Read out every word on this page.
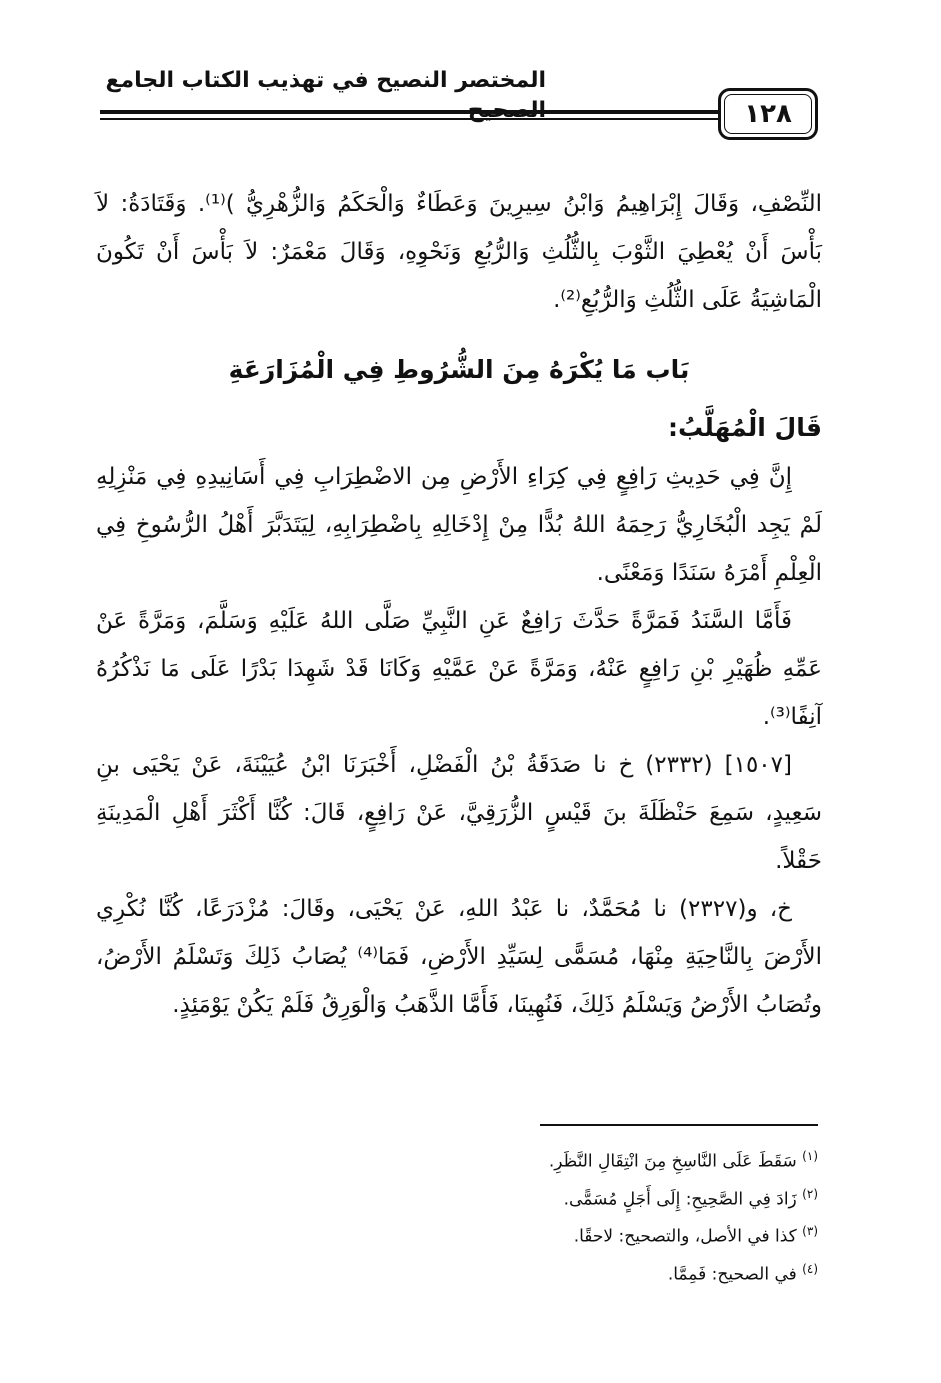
المختصر النصيح في تهذيب الكتاب الجامع
١٢٨

النِّصْفِ، وَقَالَ إِبْرَاهِيمُ وَابْنُ سِيرِينَ وَعَطَاءٌ وَالْحَكَمُ وَالزُّهْرِيُّ )⁽¹⁾. وَقَتَادَةُ: لاَ بَأْسَ أَنْ يُعْطِيَ الثَّوْبَ بِالثُّلُثِ وَالرُّبُعِ وَنَحْوِهِ، وَقَالَ مَعْمَرٌ: لاَ بَأْسَ أَنْ تَكُونَ الْمَاشِيَةُ عَلَى الثُّلُثِ وَالرُّبُعِ⁽²⁾.

بَاب مَا يُكْرَهُ مِنَ الشُّرُوطِ فِي الْمُزَارَعَةِ

قَالَ الْمُهَلَّبُ:

إِنَّ فِي حَدِيثِ رَافِعٍ فِي كِرَاءِ الأَرْضِ مِن الاضْطِرَابِ فِي أَسَانِيدِهِ فِي مَنْزِلِهِ لَمْ يَجِد الْبُخَارِيُّ رَحِمَهُ اللهُ بُدًّا مِنْ إِدْخَالِهِ بِاضْطِرَابِهِ، لِيَتَدَبَّرَ أَهْلُ الرُّسُوخِ فِي الْعِلْمِ أَمْرَهُ سَنَدًا وَمَعْنًى.

فَأَمَّا السَّنَدُ فَمَرَّةً حَدَّثَ رَافِعٌ عَنِ النَّبِيِّ صَلَّى اللهُ عَلَيْهِ وَسَلَّمَ، وَمَرَّةً عَنْ عَمِّهِ ظُهَيْرِ بْنِ رَافِعٍ عَنْهُ، وَمَرَّةً عَنْ عَمَّيْهِ وَكَانَا قَدْ شَهِدَا بَدْرًا عَلَى مَا نَذْكُرُهُ آنِفًا⁽³⁾.

[١٥٠٧] (٢٣٣٢) خ نا صَدَقَةُ بْنُ الْفَضْلِ، أَخْبَرَنَا ابْنُ عُيَيْنَةَ، عَنْ يَحْيَى بنِ سَعِيدٍ، سَمِعَ حَنْظَلَةَ بنَ قَيْسٍ الزُّرَقِيَّ، عَنْ رَافِعٍ، قَالَ: كُنَّا أَكْثَرَ أَهْلِ الْمَدِينَةِ حَقْلاً.

خ، و(٢٣٢٧) نا مُحَمَّدٌ، نا عَبْدُ اللهِ، عَنْ يَحْيَى، وقَالَ: مُزْدَرَعًا، كُنَّا نُكْرِي الأَرْضَ بِالنَّاحِيَةِ مِنْهَا، مُسَمًّى لِسَيِّدِ الأَرْضِ، فَمَا⁽⁴⁾ يُصَابُ ذَلِكَ وَتَسْلَمُ الأَرْضُ، وتُصَابُ الأَرْضُ وَيَسْلَمُ ذَلِكَ، فَنُهِينَا، فَأَمَّا الذَّهَبُ وَالْوَرِقُ فَلَمْ يَكُنْ يَوْمَئِذٍ.

$^{(١)}$ سَقَطَ عَلَى النَّاسِخِ مِنَ انْتِقَالِ النَّظَرِ.
$^{(٢)}$ زَادَ فِي الصَّحِيحِ: إِلَى أَجَلٍ مُسَمًّى.
$^{(٣)}$ كذا في الأصل، والتصحيح: لاحقًا.
$^{(٤)}$ في الصحيح: فَمِمَّا.
